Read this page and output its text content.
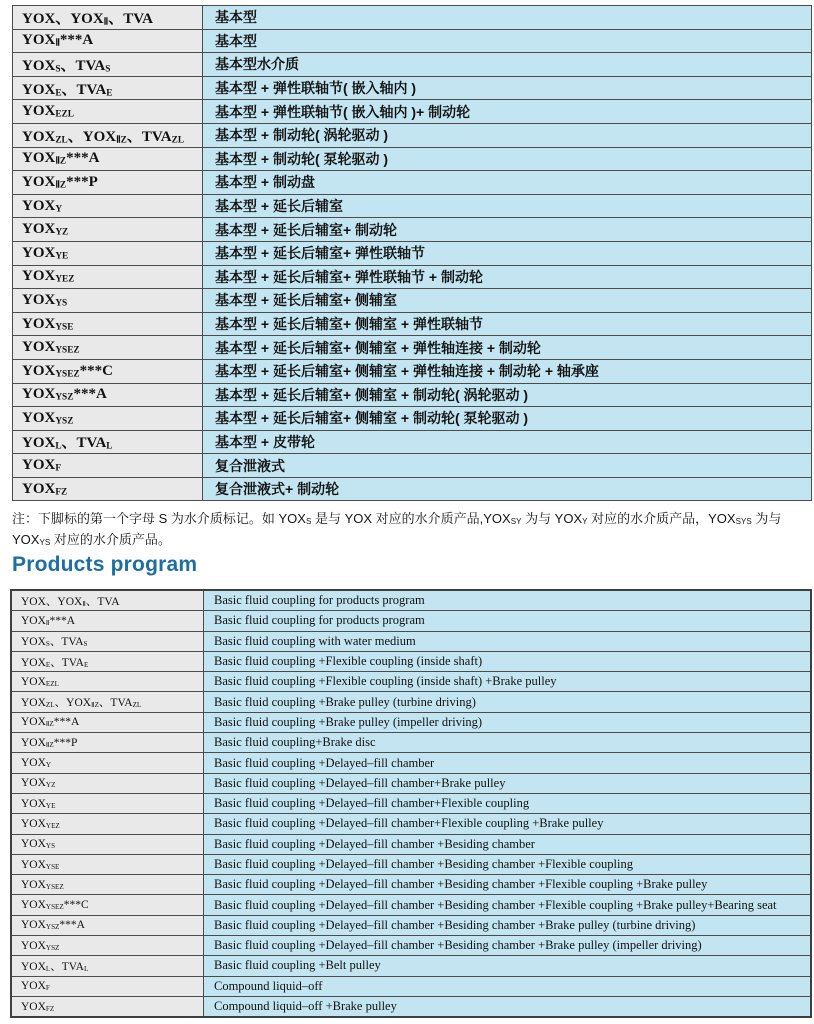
YOX、$YOX_Ⅱ$、TVA	基本型
$YOX_Ⅱ***A$	基本型
$YOX_S$、$TVA_S$	基本型水介质
$YOX_E$、$TVA_E$	基本型 + 弹性联轴节( 嵌入轴内 )
$YOX_{EZL}$	基本型 + 弹性联轴节( 嵌入轴内 )+ 制动轮
$YOX_{ZL}$、$YOX_{ⅡZ}$、$TVA_{ZL}$	基本型 + 制动轮( 涡轮驱动 )
$YOX_{ⅡZ}***A$	基本型 + 制动轮( 泵轮驱动 )
$YOX_{ⅡZ}***P$	基本型 + 制动盘
$YOX_Y$	基本型 + 延长后辅室
$YOX_{YZ}$	基本型 + 延长后辅室+ 制动轮
$YOX_{YE}$	基本型 + 延长后辅室+ 弹性联轴节
$YOX_{YEZ}$	基本型 + 延长后辅室+ 弹性联轴节 + 制动轮
$YOX_{YS}$	基本型 + 延长后辅室+ 侧辅室
$YOX_{YSE}$	基本型 + 延长后辅室+ 侧辅室 + 弹性联轴节
$YOX_{YSEZ}$	基本型 + 延长后辅室+ 侧辅室 + 弹性轴连接 + 制动轮
$YOX_{YSEZ}***C$	基本型 + 延长后辅室+ 侧辅室 + 弹性轴连接 + 制动轮 + 轴承座
$YOX_{YSZ}***A$	基本型 + 延长后辅室+ 侧辅室 + 制动轮( 涡轮驱动 )
$YOX_{YSZ}$	基本型 + 延长后辅室+ 侧辅室 + 制动轮( 泵轮驱动 )
$YOX_L$、$TVA_L$	基本型 + 皮带轮
$YOX_F$	复合泄液式
$YOX_{FZ}$	复合泄液式+ 制动轮
注：下脚标的第一个字母 S 为水介质标记。如 $YOX_S$ 是与 YOX 对应的水介质产品$,YOX_{SY}$ 为与 $YOX_Y$ 对应的水介质产品，$YOX_{SYS}$ 为与 $YOX_{YS}$ 对应的水介质产品。
Products program
YOX、$YOX_Ⅱ$、TVA	Basic fluid coupling for products program
$YOX_Ⅱ***A$	Basic fluid coupling for products program
$YOX_S$、$TVA_S$	Basic fluid coupling with water medium
$YOX_E$、$TVA_E$	Basic fluid coupling +Flexible coupling (inside shaft)
$YOX_{EZL}$	Basic fluid coupling +Flexible coupling (inside shaft) +Brake pulley
$YOX_{ZL}$、$YOX_{ⅡZ}$、$TVA_{ZL}$	Basic fluid coupling +Brake pulley (turbine driving)
$YOX_{ⅡZ}***A$	Basic fluid coupling +Brake pulley (impeller driving)
$YOX_{ⅡZ}***P$	Basic fluid coupling+Brake disc
$YOX_Y$	Basic fluid coupling +Delayed–fill chamber
$YOX_{YZ}$	Basic fluid coupling +Delayed–fill chamber+Brake pulley
$YOX_{YE}$	Basic fluid coupling +Delayed–fill chamber+Flexible coupling
$YOX_{YEZ}$	Basic fluid coupling +Delayed–fill chamber+Flexible coupling +Brake pulley
$YOX_{YS}$	Basic fluid coupling +Delayed–fill chamber +Besiding chamber
$YOX_{YSE}$	Basic fluid coupling +Delayed–fill chamber +Besiding chamber +Flexible coupling
$YOX_{YSEZ}$	Basic fluid coupling +Delayed–fill chamber +Besiding chamber +Flexible coupling +Brake pulley
$YOX_{YSEZ}***C$	Basic fluid coupling +Delayed–fill chamber +Besiding chamber +Flexible coupling +Brake pulley+Bearing seat
$YOX_{YSZ}***A$	Basic fluid coupling +Delayed–fill chamber +Besiding chamber +Brake pulley (turbine driving)
$YOX_{YSZ}$	Basic fluid coupling +Delayed–fill chamber +Besiding chamber +Brake pulley (impeller driving)
$YOX_L$、$TVA_L$	Basic fluid coupling +Belt pulley
$YOX_F$	Compound liquid–off
$YOX_{FZ}$	Compound liquid–off +Brake pulley
